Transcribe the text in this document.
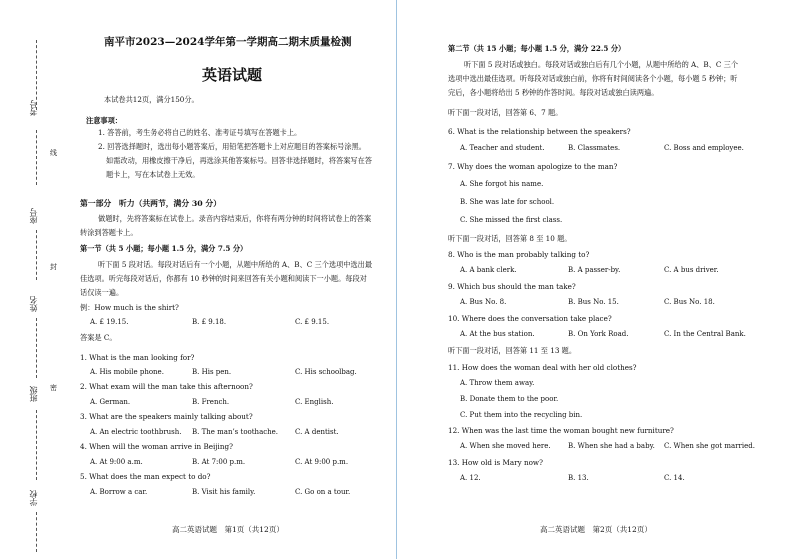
考号
线
座号
封
姓名
密
班级
学校
南平市2023—2024学年第一学期高二期末质量检测
英语试题
本试卷共12页，满分150分。
注意事项：
1. 答答前，考生务必将自己的姓名、准考证号填写在答题卡上。
2. 回答选择题时，选出每小题答案后，用铅笔把答题卡上对应题目的答案标号涂黑。
如需改动，用橡皮擦干净后，再选涂其他答案标号。回答非选择题时，将答案写在答
题卡上，写在本试卷上无效。
第一部分　听力（共两节，满分 30 分）
做题时，先将答案标在试卷上。录音内容结束后，你将有两分钟的时间将试卷上的答案
转涂到答题卡上。
第一节（共 5 小题；每小题 1.5 分，满分 7.5 分）
听下面 5 段对话。每段对话后有一个小题，从题中所给的 A、B、C 三个选项中选出最
佳选项。听完每段对话后，你都有 10 秒钟的时间来回答有关小题和阅读下一小题。每段对
话仅读一遍。
例：How much is the shirt?
A. £ 19.15.	B. £ 9.18.	C. £ 9.15.
答案是 C。
1. What is the man looking for?
A. His mobile phone.	B. His pen.	C. His schoolbag.
2. What exam will the man take this afternoon?
A. German.	B. French.	C. English.
3. What are the speakers mainly talking about?
A. An electric toothbrush. B. The man’s toothache. C. A dentist.
4. When will the woman arrive in Beijing?
A. At 9:00 a.m.	B. At 7:00 p.m.	C. At 9:00 p.m.
5. What does the man expect to do?
A. Borrow a car.	B. Visit his family.	C. Go on a tour.
高二英语试题　第1页（共12页）
第二节（共 15 小题；每小题 1.5 分，满分 22.5 分）
听下面 5 段对话或独白。每段对话或独白后有几个小题，从题中所给的 A、B、C 三个
选项中选出最佳选项。听每段对话或独白前，你将有时间阅读各个小题，每小题 5 秒钟；听
完后，各小题将给出 5 秒钟的作答时间。每段对话或独白读两遍。
听下面一段对话，回答第 6、7 题。
6. What is the relationship between the speakers?
A. Teacher and student.	B. Classmates.	C. Boss and employee.
7. Why does the woman apologize to the man?
A. She forgot his name.
B. She was late for school.
C. She missed the first class.
听下面一段对话，回答第 8 至 10 题。
8. Who is the man probably talking to?
A. A bank clerk.	B. A passer-by.	C. A bus driver.
9. Which bus should the man take?
A. Bus No. 8.	B. Bus No. 15.	C. Bus No. 18.
10. Where does the conversation take place?
A. At the bus station.	B. On York Road.	C. In the Central Bank.
听下面一段对话，回答第 11 至 13 题。
11. How does the woman deal with her old clothes?
A. Throw them away.
B. Donate them to the poor.
C. Put them into the recycling bin.
12. When was the last time the woman bought new furniture?
A. When she moved here. B. When she had a baby. C. When she got married.
13. How old is Mary now?
A. 12.	B. 13.	C. 14.
高二英语试题　第2页（共12页）
